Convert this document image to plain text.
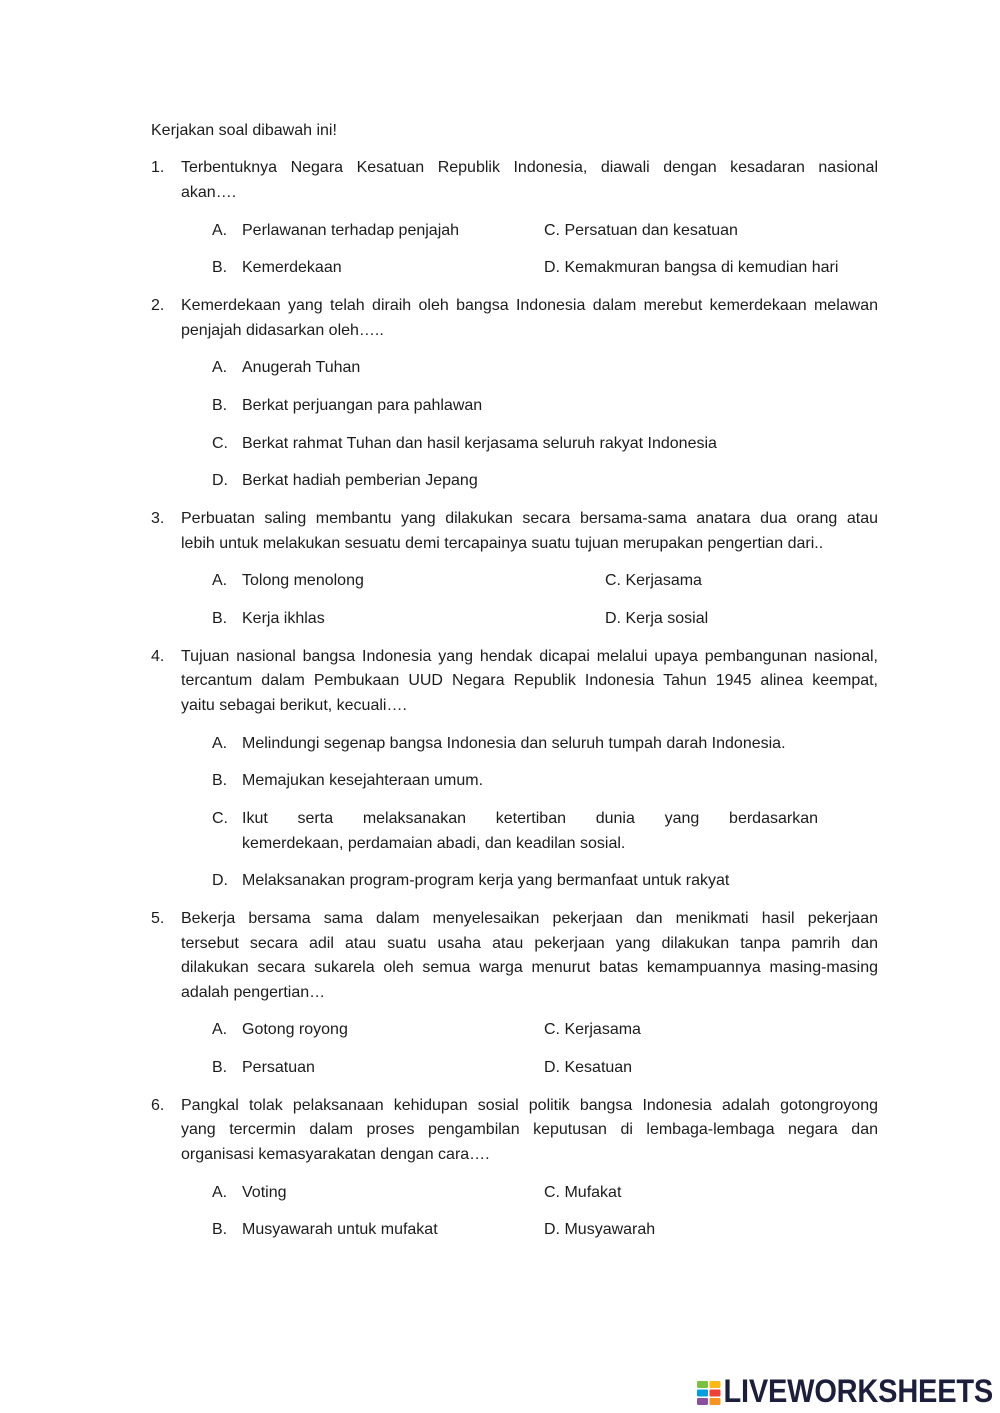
Kerjakan soal dibawah ini!
1. Terbentuknya Negara Kesatuan Republik Indonesia, diawali dengan kesadaran nasional
akan….
A. Perlawanan terhadap penjajah	C. Persatuan dan kesatuan
B. Kemerdekaan	D. Kemakmuran bangsa di kemudian hari
2. Kemerdekaan yang telah diraih oleh bangsa Indonesia dalam merebut kemerdekaan melawan
penjajah didasarkan oleh…..
A. Anugerah Tuhan
B. Berkat perjuangan para pahlawan
C. Berkat rahmat Tuhan dan hasil kerjasama seluruh rakyat Indonesia
D. Berkat hadiah pemberian Jepang
3. Perbuatan saling membantu yang dilakukan secara bersama-sama anatara dua orang atau
lebih untuk melakukan sesuatu demi tercapainya suatu tujuan merupakan pengertian dari..
A. Tolong menolong	C. Kerjasama
B. Kerja ikhlas	D. Kerja sosial
4. Tujuan nasional bangsa Indonesia yang hendak dicapai melalui upaya pembangunan nasional,
tercantum dalam Pembukaan UUD Negara Republik Indonesia Tahun 1945 alinea keempat,
yaitu sebagai berikut, kecuali….
A. Melindungi segenap bangsa Indonesia dan seluruh tumpah darah Indonesia.
B. Memajukan kesejahteraan umum.
C. Ikut serta melaksanakan ketertiban dunia yang berdasarkan
kemerdekaan, perdamaian abadi, dan keadilan sosial.
D. Melaksanakan program-program kerja yang bermanfaat untuk rakyat
5. Bekerja bersama sama dalam menyelesaikan pekerjaan dan menikmati hasil pekerjaan
tersebut secara adil atau suatu usaha atau pekerjaan yang dilakukan tanpa pamrih dan
dilakukan secara sukarela oleh semua warga menurut batas kemampuannya masing-masing
adalah pengertian…
A. Gotong royong	C. Kerjasama
B. Persatuan	D. Kesatuan
6. Pangkal tolak pelaksanaan kehidupan sosial politik bangsa Indonesia adalah gotongroyong
yang tercermin dalam proses pengambilan keputusan di lembaga-lembaga negara dan
organisasi kemasyarakatan dengan cara….
A. Voting	C. Mufakat
B. Musyawarah untuk mufakat	D. Musyawarah
LIVEWORKSHEETS
